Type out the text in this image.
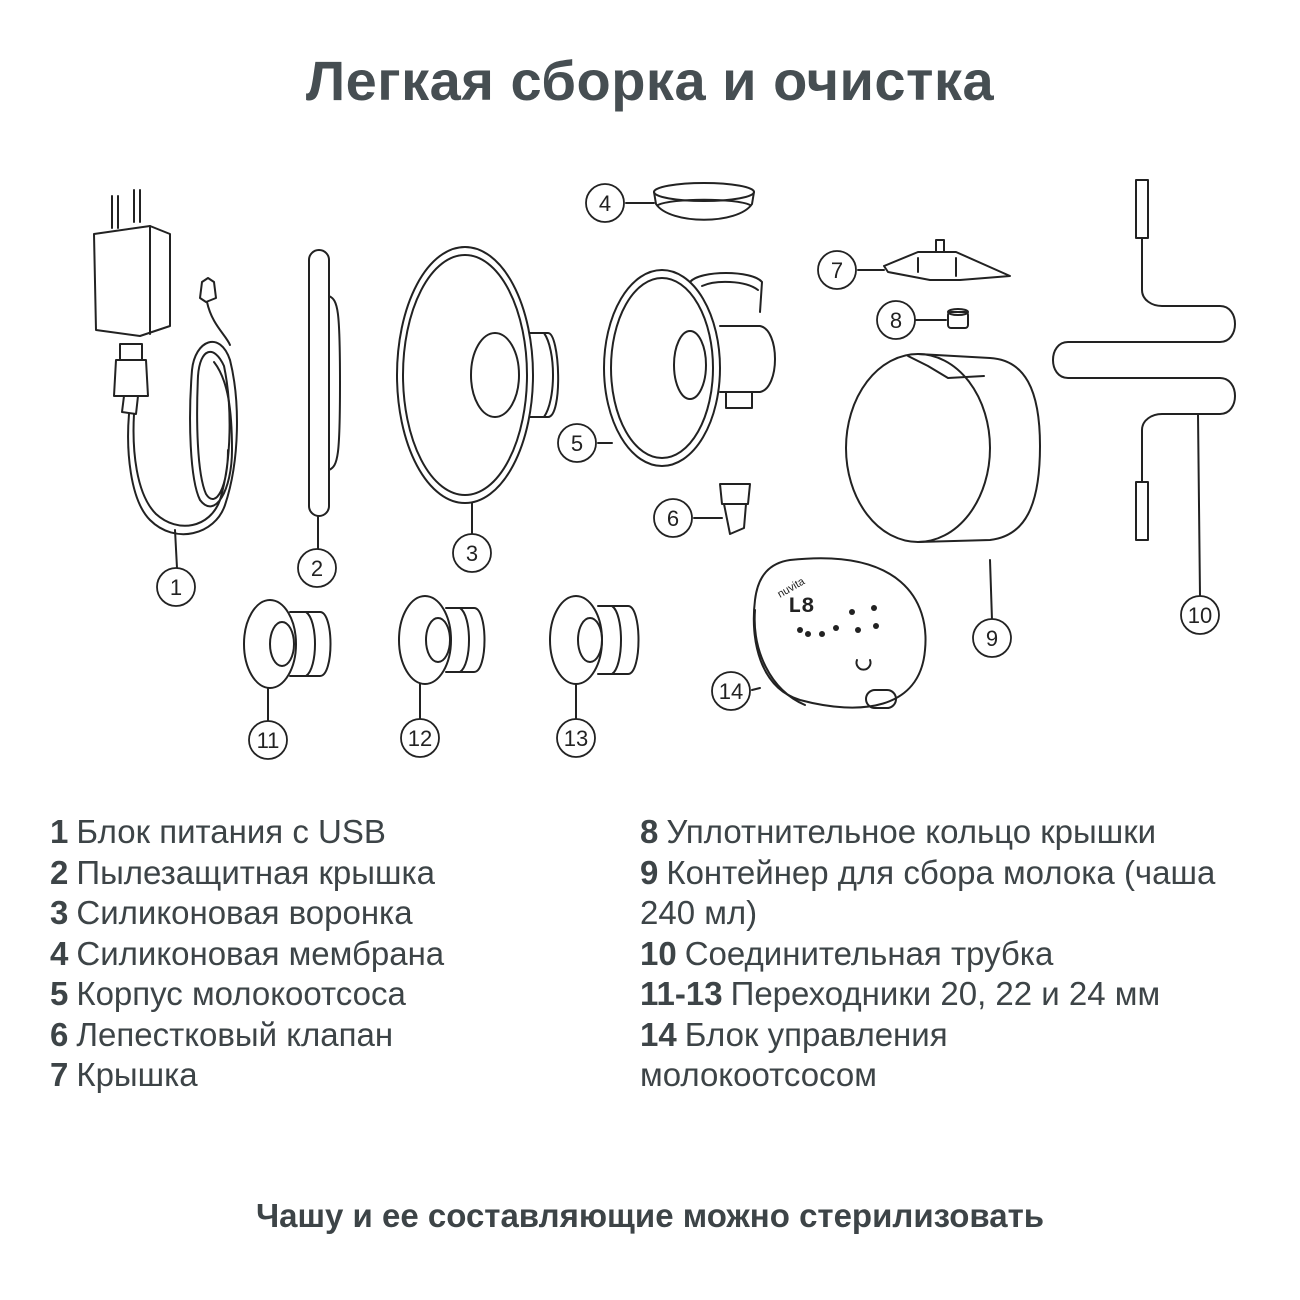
Легкая сборка и очистка
nuvita
L8
1
2
3
4
5
6
7
8
9
10
11	12	13
14
1 Блок питания с USB
2 Пылезащитная крышка
3 Силиконовая воронка
4 Силиконовая мембрана
5 Корпус молокоотсоса
6 Лепестковый клапан
7 Крышка
8 Уплотнительное кольцо крышки
9 Контейнер для сбора молока (чаша 240 мл)
10 Соединительная трубка
11-13 Переходники 20, 22 и 24 мм
14 Блок управления молокоотсосом
Чашу и ее составляющие можно стерилизовать
